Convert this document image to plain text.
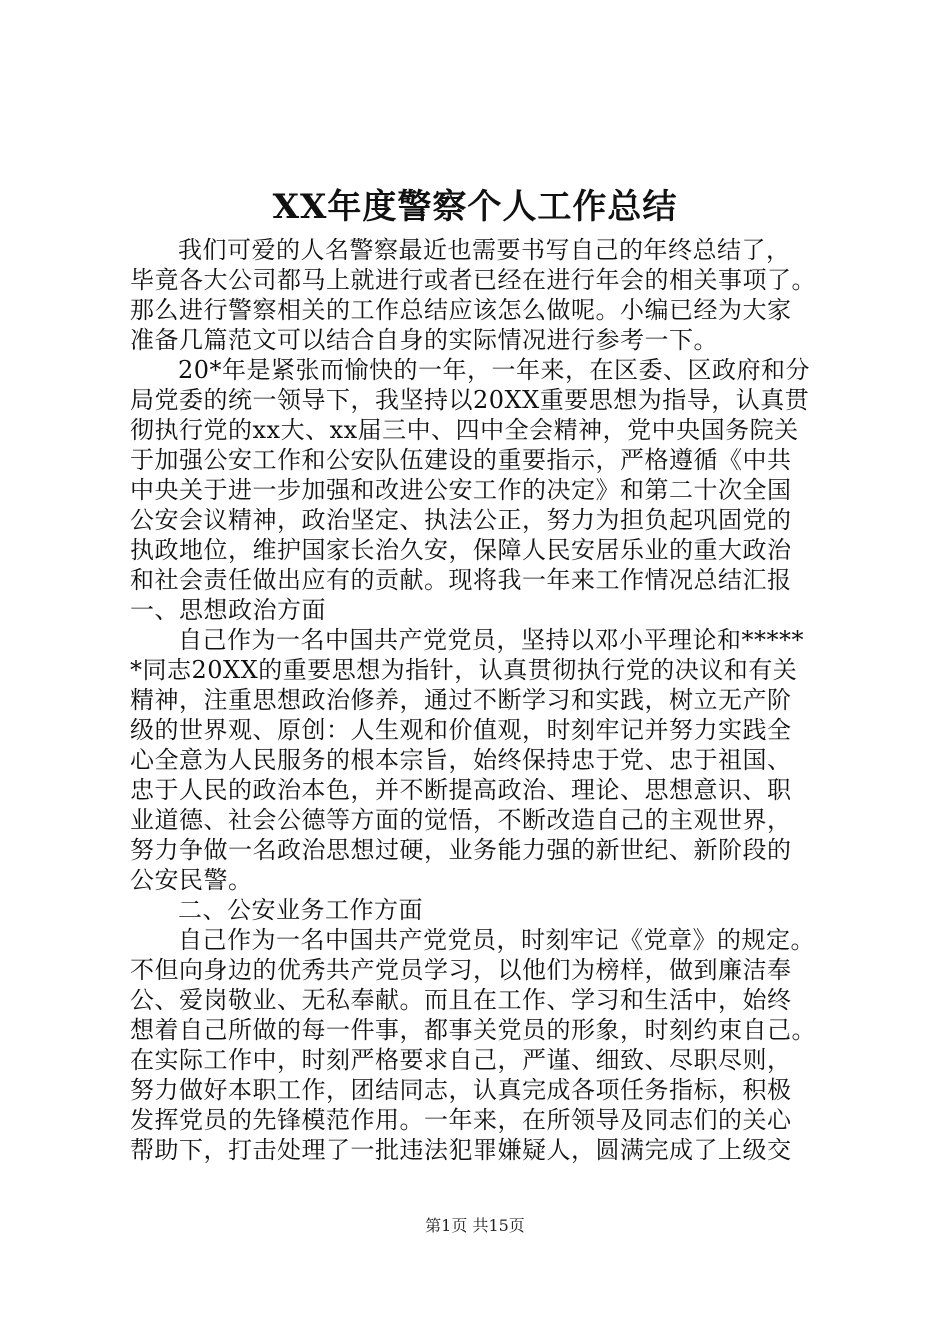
XX年度警察个人工作总结
我们可爱的人名警察最近也需要书写自己的年终总结了，
毕竟各大公司都马上就进行或者已经在进行年会的相关事项了。
那么进行警察相关的工作总结应该怎么做呢。小编已经为大家
准备几篇范文可以结合自身的实际情况进行参考一下。
20*年是紧张而愉快的一年，一年来，在区委、区政府和分
局党委的统一领导下，我坚持以20XX重要思想为指导，认真贯
彻执行党的xx大、xx届三中、四中全会精神，党中央国务院关
于加强公安工作和公安队伍建设的重要指示，严格遵循《中共
中央关于进一步加强和改进公安工作的决定》和第二十次全国
公安会议精神，政治坚定、执法公正，努力为担负起巩固党的
执政地位，维护国家长治久安，保障人民安居乐业的重大政治
和社会责任做出应有的贡献。现将我一年来工作情况总结汇报
一、思想政治方面
自己作为一名中国共产党党员，坚持以邓小平理论和*****
*同志20XX的重要思想为指针，认真贯彻执行党的决议和有关
精神，注重思想政治修养，通过不断学习和实践，树立无产阶
级的世界观、原创：人生观和价值观，时刻牢记并努力实践全
心全意为人民服务的根本宗旨，始终保持忠于党、忠于祖国、
忠于人民的政治本色，并不断提高政治、理论、思想意识、职
业道德、社会公德等方面的觉悟，不断改造自己的主观世界，
努力争做一名政治思想过硬，业务能力强的新世纪、新阶段的
公安民警。
二、公安业务工作方面
自己作为一名中国共产党党员，时刻牢记《党章》的规定。
不但向身边的优秀共产党员学习，以他们为榜样，做到廉洁奉
公、爱岗敬业、无私奉献。而且在工作、学习和生活中，始终
想着自己所做的每一件事，都事关党员的形象，时刻约束自己。
在实际工作中，时刻严格要求自己，严谨、细致、尽职尽则，
努力做好本职工作，团结同志，认真完成各项任务指标，积极
发挥党员的先锋模范作用。一年来，在所领导及同志们的关心
帮助下，打击处理了一批违法犯罪嫌疑人，圆满完成了上级交
第1页 共15页
